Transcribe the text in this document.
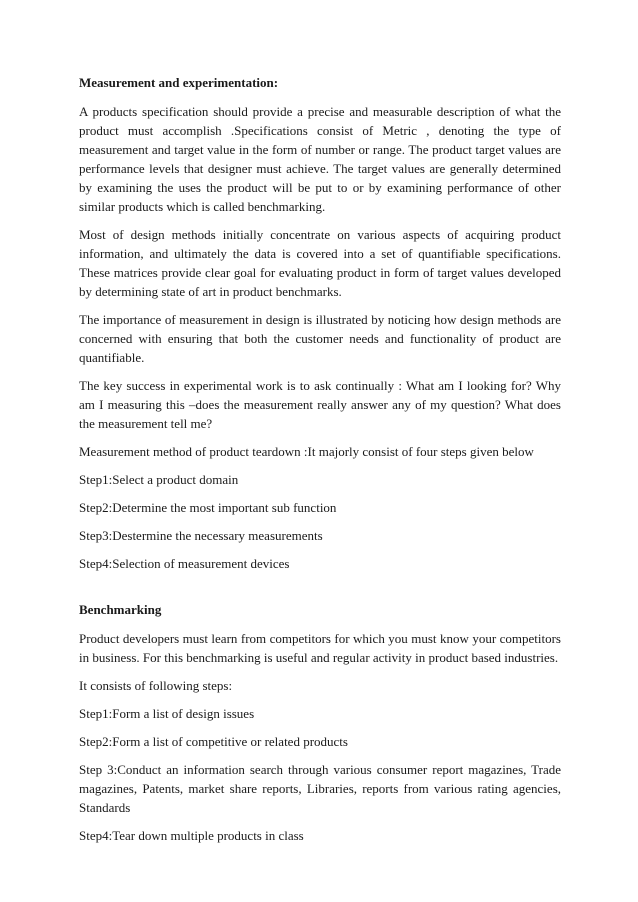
Measurement and experimentation:

A products specification should provide a precise and measurable description of what the product must accomplish .Specifications consist of Metric , denoting the type of measurement and target value in the form of number or range. The product target values are performance levels that designer must achieve. The target values are generally determined by examining the uses the product will be put to or by examining performance of other similar products which is called benchmarking.

Most of design methods initially concentrate on various aspects of acquiring product information, and ultimately the data is covered into a set of quantifiable specifications. These matrices provide clear goal for evaluating product in form of target values developed by determining state of art in product benchmarks.

The importance of measurement in design is illustrated by noticing how design methods are concerned with ensuring that both the customer needs and functionality of product are quantifiable.

The key success in experimental work is to ask continually : What am I looking for? Why am I measuring this –does the measurement really answer any of my question? What does the measurement tell me?

Measurement method of product teardown :It majorly consist of four steps given below

Step1:Select a product domain
Step2:Determine the most important sub function
Step3:Destermine the necessary measurements
Step4:Selection of measurement devices
Benchmarking

Product developers must learn from competitors for which you must know your competitors in business. For this benchmarking is useful and regular activity in product based industries.

It consists of following steps:

Step1:Form a list of design issues
Step2:Form a list of competitive or related products
Step 3:Conduct an information search through various consumer report magazines, Trade magazines, Patents, market share reports, Libraries, reports from various rating agencies, Standards
Step4:Tear down multiple products in class
